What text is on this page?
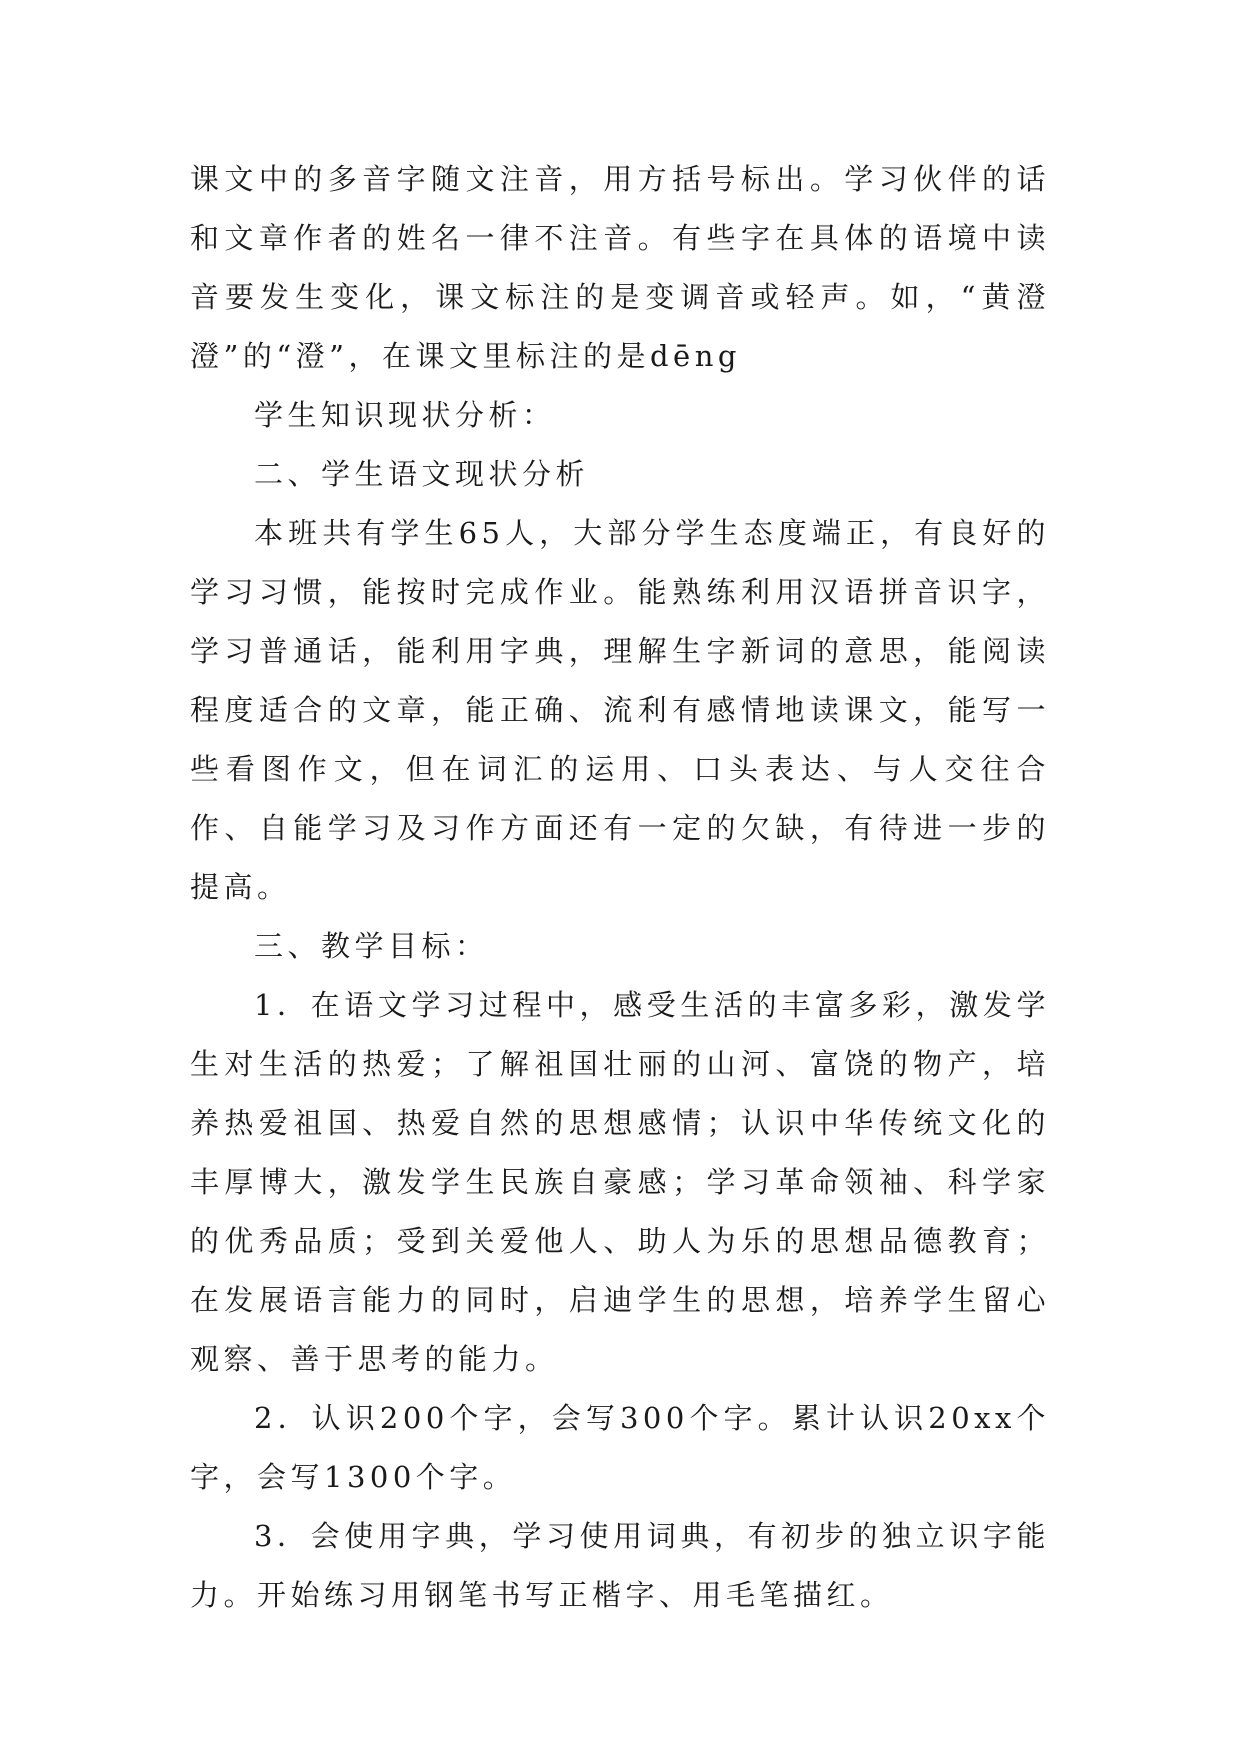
课文中的多音字随文注音，用方括号标出。学习伙伴的话和文章作者的姓名一律不注音。有些字在具体的语境中读音要发生变化，课文标注的是变调音或轻声。如，“黄澄澄”的“澄”，在课文里标注的是dēng

学生知识现状分析：

二、学生语文现状分析

本班共有学生65人，大部分学生态度端正，有良好的学习习惯，能按时完成作业。能熟练利用汉语拼音识字，学习普通话，能利用字典，理解生字新词的意思，能阅读程度适合的文章，能正确、流利有感情地读课文，能写一些看图作文，但在词汇的运用、口头表达、与人交往合作、自能学习及习作方面还有一定的欠缺，有待进一步的提高。

三、教学目标：

1．在语文学习过程中，感受生活的丰富多彩，激发学生对生活的热爱；了解祖国壮丽的山河、富饶的物产，培养热爱祖国、热爱自然的思想感情；认识中华传统文化的丰厚博大，激发学生民族自豪感；学习革命领袖、科学家的优秀品质；受到关爱他人、助人为乐的思想品德教育；在发展语言能力的同时，启迪学生的思想，培养学生留心观察、善于思考的能力。

2．认识200个字，会写300个字。累计认识20xx个字，会写1300个字。

3．会使用字典，学习使用词典，有初步的独立识字能力。开始练习用钢笔书写正楷字、用毛笔描红。
